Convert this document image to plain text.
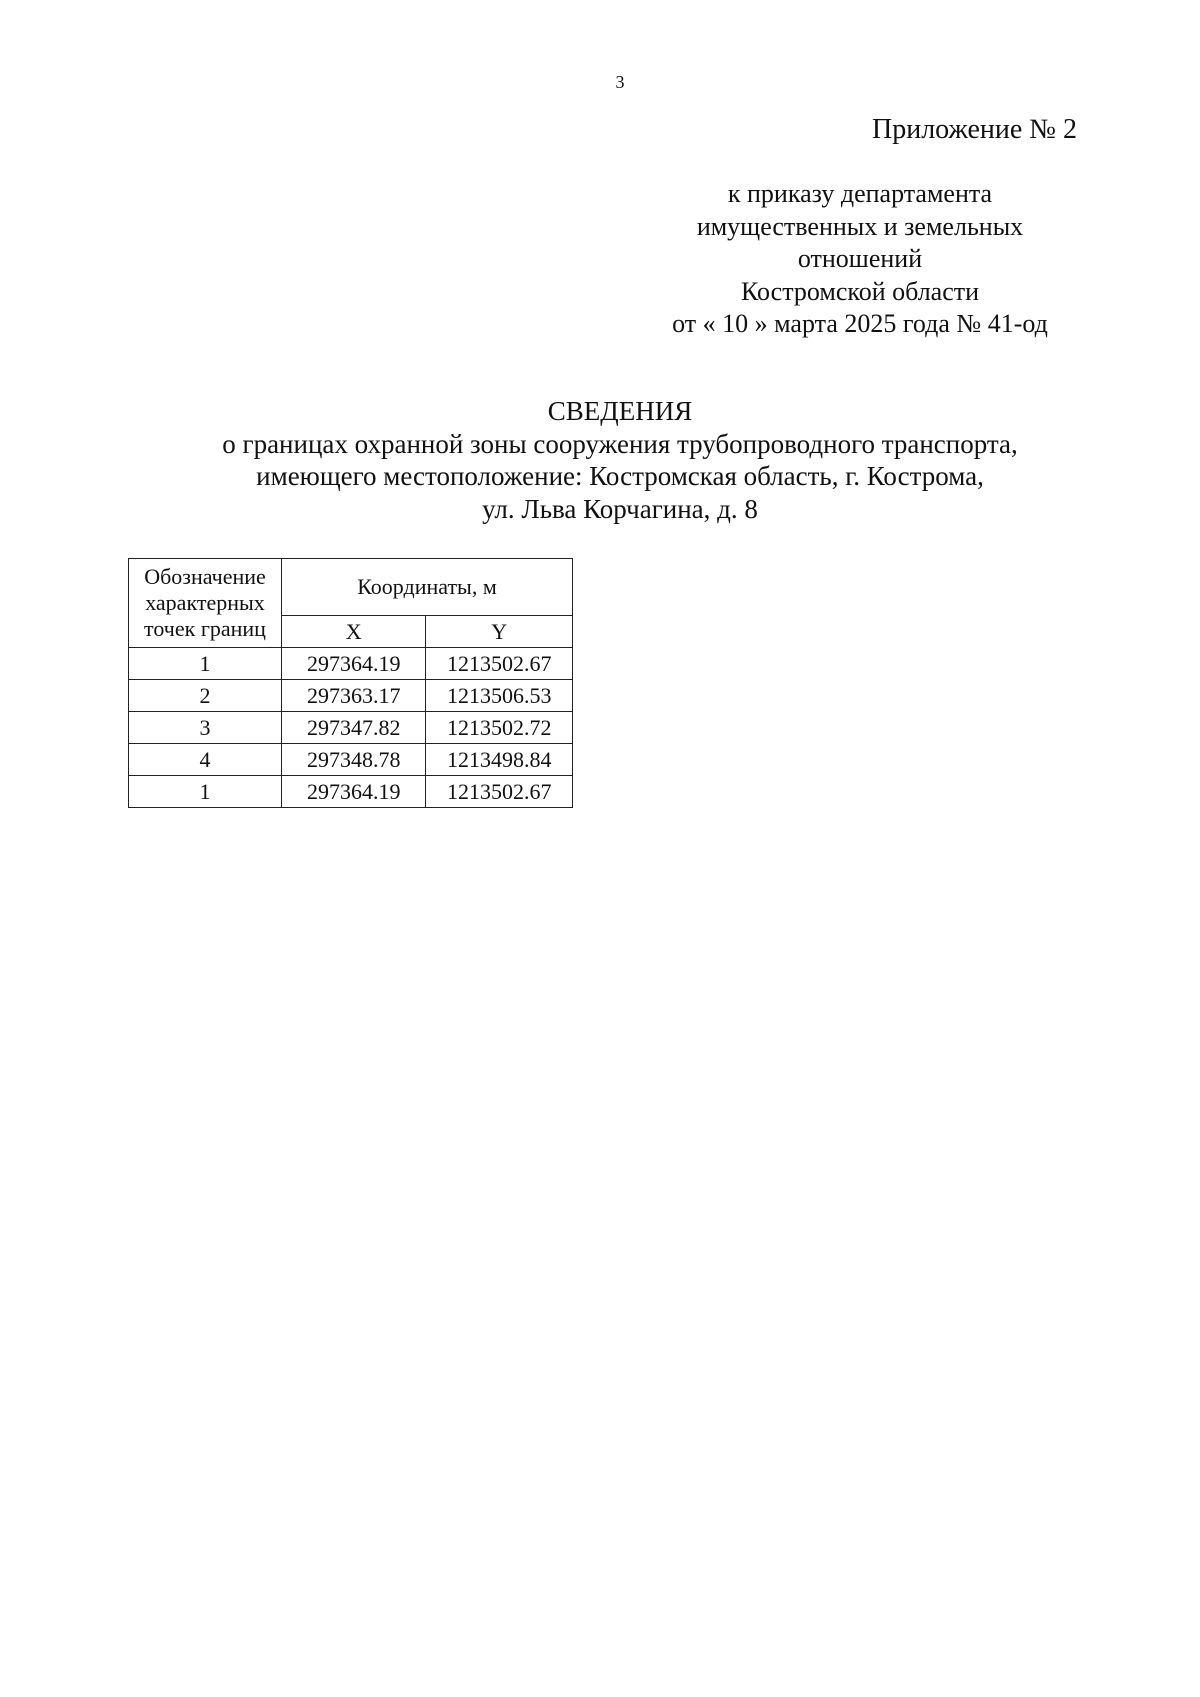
3
Приложение № 2
к приказу департамента
имущественных и земельных
отношений
Костромской области
от « 10 » марта 2025 года № 41-од
СВЕДЕНИЯ
о границах охранной зоны сооружения трубопроводного транспорта,
имеющего местоположение: Костромская область, г. Кострома,
ул. Льва Корчагина, д. 8
Обозначение
характерных
точек границ	Координаты, м	
	X	Y
1	297364.19	1213502.67
2	297363.17	1213506.53
3	297347.82	1213502.72
4	297348.78	1213498.84
1	297364.19	1213502.67
